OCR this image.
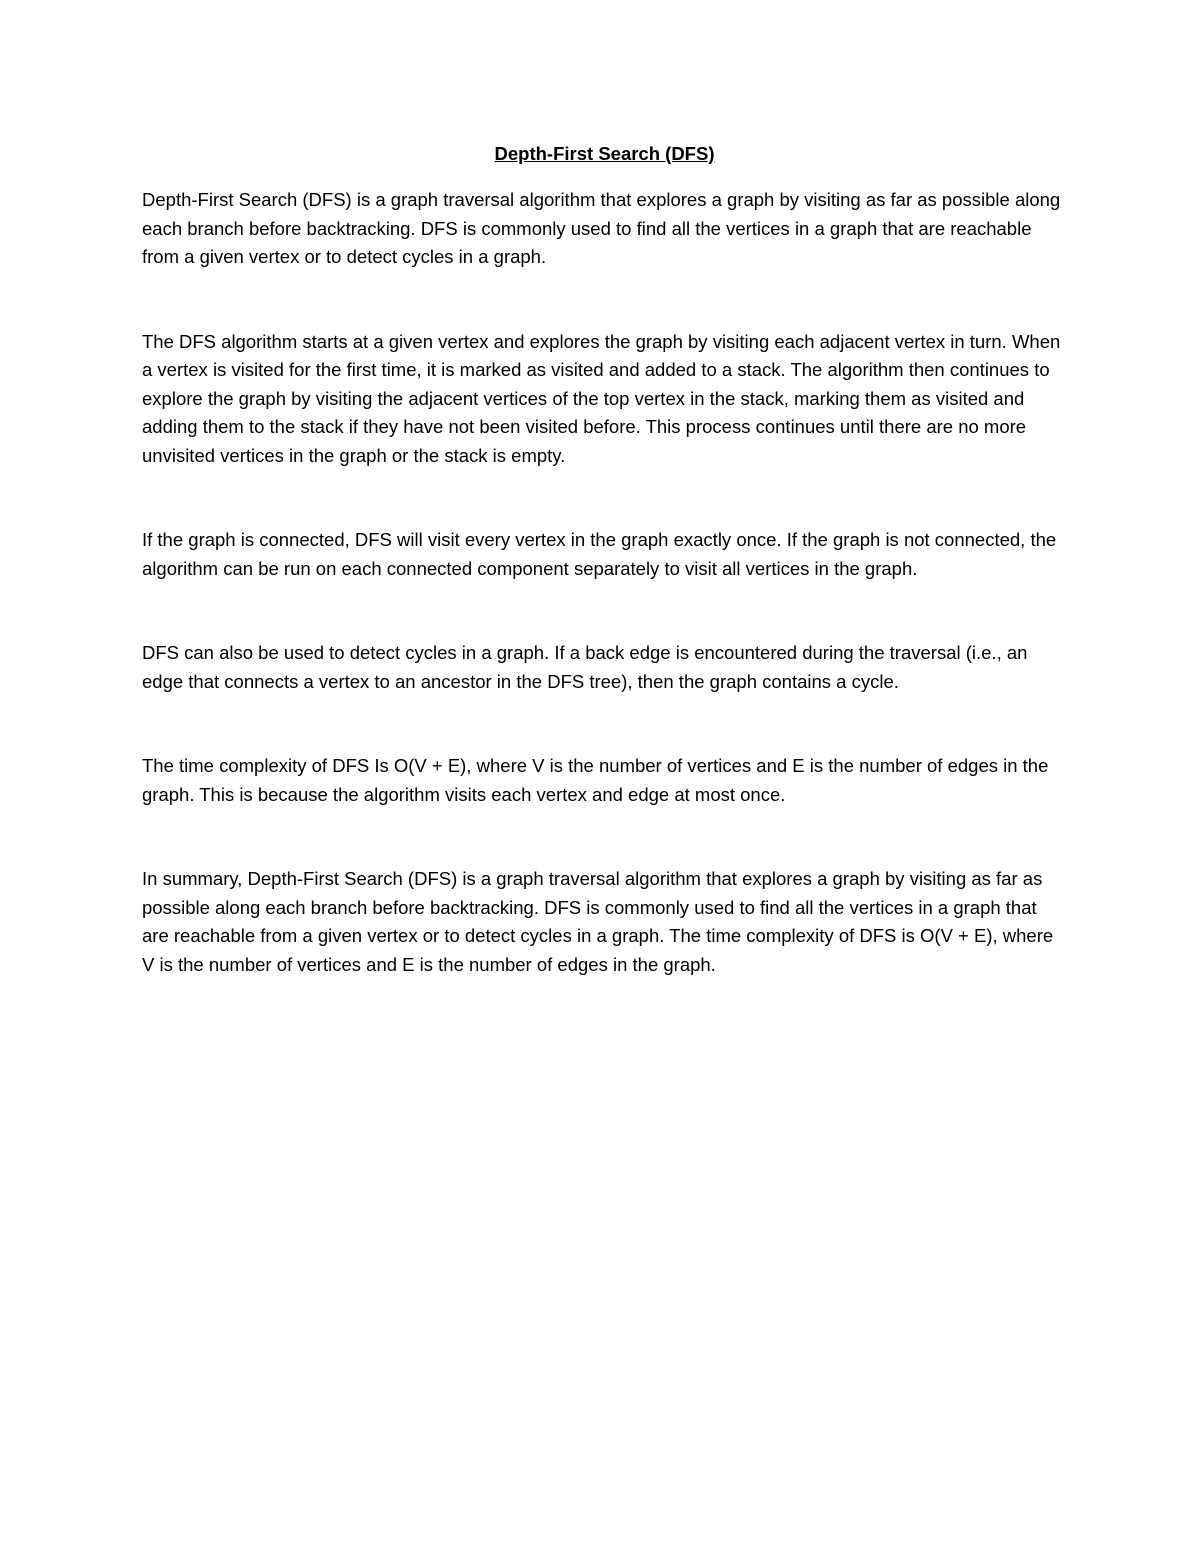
Depth-First Search (DFS)

Depth-First Search (DFS) is a graph traversal algorithm that explores a graph by visiting as far as possible along each branch before backtracking. DFS is commonly used to find all the vertices in a graph that are reachable from a given vertex or to detect cycles in a graph.

The DFS algorithm starts at a given vertex and explores the graph by visiting each adjacent vertex in turn. When a vertex is visited for the first time, it is marked as visited and added to a stack. The algorithm then continues to explore the graph by visiting the adjacent vertices of the top vertex in the stack, marking them as visited and adding them to the stack if they have not been visited before. This process continues until there are no more unvisited vertices in the graph or the stack is empty.

If the graph is connected, DFS will visit every vertex in the graph exactly once. If the graph is not connected, the algorithm can be run on each connected component separately to visit all vertices in the graph.

DFS can also be used to detect cycles in a graph. If a back edge is encountered during the traversal (i.e., an edge that connects a vertex to an ancestor in the DFS tree), then the graph contains a cycle.

The time complexity of DFS Is O(V + E), where V is the number of vertices and E is the number of edges in the graph. This is because the algorithm visits each vertex and edge at most once.

In summary, Depth-First Search (DFS) is a graph traversal algorithm that explores a graph by visiting as far as possible along each branch before backtracking. DFS is commonly used to find all the vertices in a graph that are reachable from a given vertex or to detect cycles in a graph. The time complexity of DFS is O(V + E), where V is the number of vertices and E is the number of edges in the graph.
